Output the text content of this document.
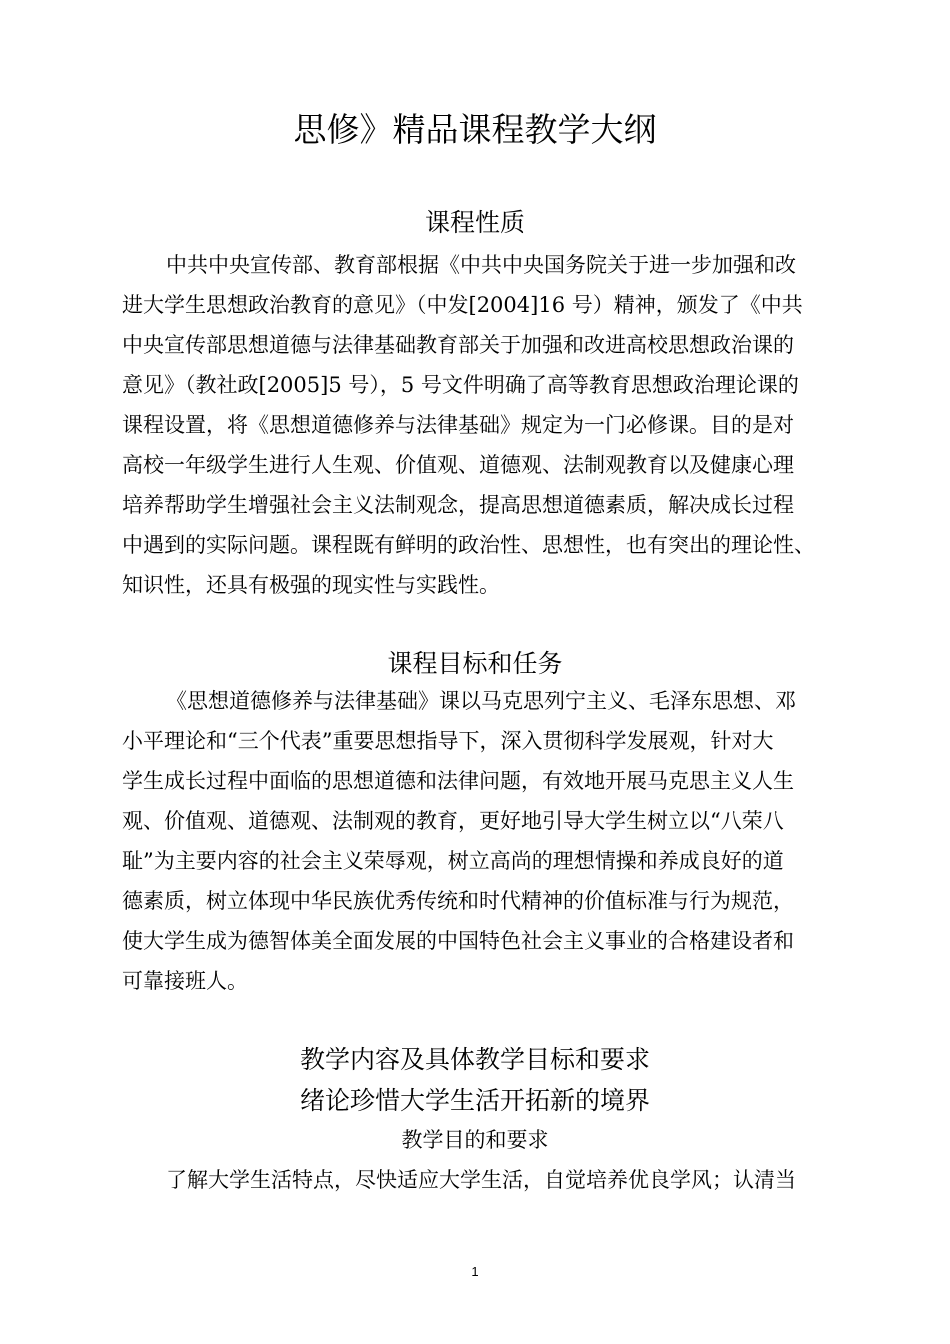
思修》精品课程教学大纲
课程性质
中共中央宣传部、教育部根据《中共中央国务院关于进一步加强和改
进大学生思想政治教育的意见》（中发[2004]16 号）精神，颁发了《中共
中央宣传部思想道德与法律基础教育部关于加强和改进高校思想政治课的
意见》（教社政[2005]5 号），5 号文件明确了高等教育思想政治理论课的
课程设置，将《思想道德修养与法律基础》规定为一门必修课。目的是对
高校一年级学生进行人生观、价值观、道德观、法制观教育以及健康心理
培养帮助学生增强社会主义法制观念，提高思想道德素质，解决成长过程
中遇到的实际问题。课程既有鲜明的政治性、思想性，也有突出的理论性、
知识性，还具有极强的现实性与实践性。
课程目标和任务
《思想道德修养与法律基础》课以马克思列宁主义、毛泽东思想、邓
小平理论和“三个代表”重要思想指导下，深入贯彻科学发展观，针对大
学生成长过程中面临的思想道德和法律问题，有效地开展马克思主义人生
观、价值观、道德观、法制观的教育，更好地引导大学生树立以“八荣八
耻”为主要内容的社会主义荣辱观，树立高尚的理想情操和养成良好的道
德素质，树立体现中华民族优秀传统和时代精神的价值标准与行为规范，
使大学生成为德智体美全面发展的中国特色社会主义事业的合格建设者和
可靠接班人。
教学内容及具体教学目标和要求
绪论珍惜大学生活开拓新的境界
教学目的和要求
了解大学生活特点，尽快适应大学生活，自觉培养优良学风；认清当
1
